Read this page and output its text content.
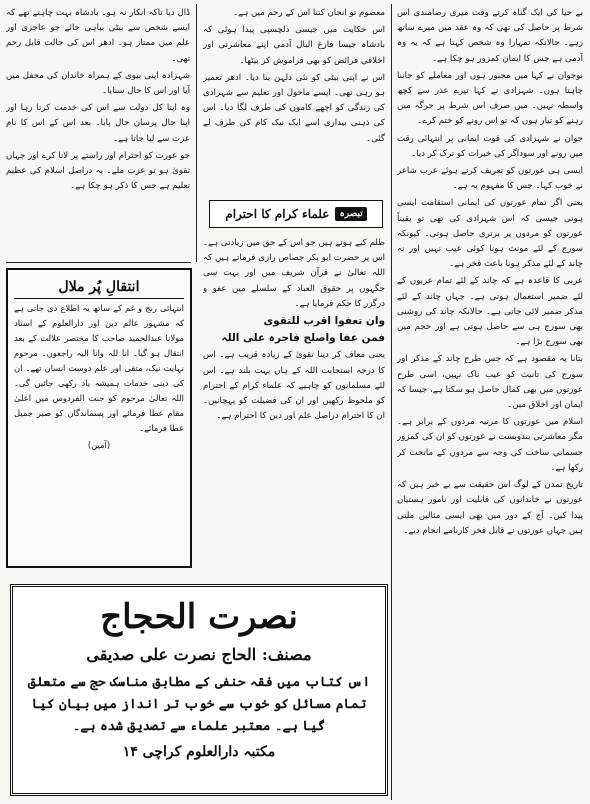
بے حیا کی ایک گناہ کرتے وقت میری رضامندی اس شرط پر حاصل کی تھی کہ وہ عقد میں میرے ساتھ رہے۔ حالانکہ تمہارا وہ شخص کہتا ہے کہ یہ وہ آدمی ہے جس کا ایمان کمزور ہو چکا ہے۔

نوجوان نے کہا میں مجبور ہوں اور معاملے کو جاننا چاہتا ہوں۔ شہزادی نے کہا تیرے عذر سے کچھ واسطہ نہیں۔ میں صرف اس شرط پر جرگہ میں رہنے کو تیار ہوں کہ تو اس رونے کو ختم کرے۔

جوان نے شہزادی کی قوت ایمانی پر انتہائی رقت میں رونے اور سوداگر کی خیرات کو ترک کر دیا۔

ایسی ہی عورتوں کو تعریف کرتے ہوئے عرب شاعر نے خوب کہا۔ جس کا مفہوم یہ ہے۔

یعنی اگر تمام عورتوں کی ایمانی استقامت ایسی ہوتی جیسی کہ اس شہزادی کی تھی تو یقیناً عورتوں کو مردوں پر برتری حاصل ہوتی۔ کیونکہ سورج کے لئے مونث ہونا کوئی عیب نہیں اور نہ چاند کے لئے مذکر ہونا باعث فخر ہے۔

عربی کا قاعدہ ہے کہ چاند کے لئے تمام عربوں کے لئے ضمیر استعمال ہوتی ہے۔ جہاں چاند کے لئے مذکر ضمیر لائی جاتی ہے۔ حالانکہ چاند کی روشنی بھی سورج ہی سے حاصل ہوتی ہے اور حجم میں بھی سورج بڑا ہے۔

بتانا یہ مقصود ہے کہ جس طرح چاند کے مذکر اور سورج کی تانیث کو عیب ناک نہیں، اسی طرح عورتوں میں بھی کمال حاصل ہو سکتا ہے، جیسا کہ ایمان اور اخلاق میں۔

اسلام میں عورتوں کا مرتبہ مردوں کے برابر ہے۔ مگر معاشرتی بندوبست نے عورتوں کو ان کی کمزور جسمانی ساخت کی وجہ سے مردوں کے ماتحت کر رکھا ہے۔

تاریخ تمدن کے لوگ اس حقیقت سے بے خبر ہیں کہ عورتوں نے خاندانوں کی قابلیت اور نامور ہستیاں پیدا کیں۔ آج کے دور میں بھی ایسی مثالیں ملتی ہیں جہاں عورتوں نے قابل فخر کارنامے انجام دیے۔

معصوم تو انجان کتنا اس کے رحم میں ہے۔

اس حکایت میں جیسی دلچسپی پیدا ہوئی کہ بادشاہ جیسا فارغ البال آدمی اپنے معاشرتی اور اخلاقی فرائض کو بھی فراموش کر بیٹھا۔

اس نے اپنی بیٹی کو نئی دلہن بنا دیا۔ ادھر تعمیر ہو رہی تھی۔ ایسے ماحول اور تعلیم سے شہزادی کی زندگی کو اچھے کاموں کی طرف لگا دیا۔ اس کی ذہنی بیداری اسے ایک نیک کام کی طرف لے گئی۔

تبصرہ
علماء کرام کا احترام

ظلم کیے ہوتے ہیں جو اس کے حق میں زیادتی ہے۔ اس پر حضرت ابو بکر جصاص رازی فرماتے ہیں کہ اللہ تعالیٰ نے قرآن شریف میں اور بہت سی جگہوں پر حقوق العباد کے سلسلے میں عفو و درگزر کا حکم فرمایا ہے۔

وان تعفوا اقرب للتقوی

فمن عفا واصلح فاجرہ علی اللہ

یعنی معاف کر دینا تقویٰ کے زیادہ قریب ہے۔ اس کا درجہ استجابت اللہ کے ہاں بہت بلند ہے۔ اس لئے مسلمانوں کو چاہیے کہ علماء کرام کے احترام کو ملحوظ رکھیں اور ان کی فضیلت کو پہچانیں۔ ان کا احترام دراصل علم اور دین کا احترام ہے۔

ڈال دیا تاکہ انکار نہ ہو۔ بادشاہ بہت چاہتے تھے کہ ایسے شخص سے بیٹی بیاہی جائے جو عاجزی اور علم میں ممتاز ہو۔ ادھر اس کی حالت قابل رحم تھی۔

شہزادہ اپنی بیوی کے ہمراہ خاندان کی محفل میں آیا اور اس کا حال سنایا۔

وہ اپنا کل دولت سے اس کی خدمت کرتا رہا اور اپنا حال پرسان حال پایا۔ بعد اس کے اس کا نام عزت سے لیا جاتا ہے۔

جو عورت کو احترام اور راستے پر لانا کرے اور جہاں تقویٰ ہو تو عزت ملے۔ یہ دراصل اسلام کی عظیم تعلیم ہے جس کا ذکر ہو چکا ہے۔

انتقالِ پُر ملال
انتہائی رنج و غم کے ساتھ یہ اطلاع دی جاتی ہے کہ مشہور عالم دین اور دارالعلوم کے استاد مولانا عبدالحمید صاحب کا مختصر علالت کے بعد انتقال ہو گیا۔ انا للہ وانا الیہ راجعون۔ مرحوم نہایت نیک، متقی اور علم دوست انسان تھے۔ ان کی دینی خدمات ہمیشہ یاد رکھی جائیں گی۔ اللہ تعالیٰ مرحوم کو جنت الفردوس میں اعلیٰ مقام عطا فرمائے اور پسماندگان کو صبر جمیل عطا فرمائے۔
(آمین)
نصرت الحجاج
مصنف: الحاج نصرت علی صدیقی
اس کتاب میں فقہ حنفی کے مطابق مناسک حج سے متعلق تمام مسائل کو خوب سے خوب تر انداز میں بیان کیا گیا ہے۔ معتبر علماء سے تصدیق شدہ ہے۔
مکتبہ دارالعلوم کراچی ۱۴
